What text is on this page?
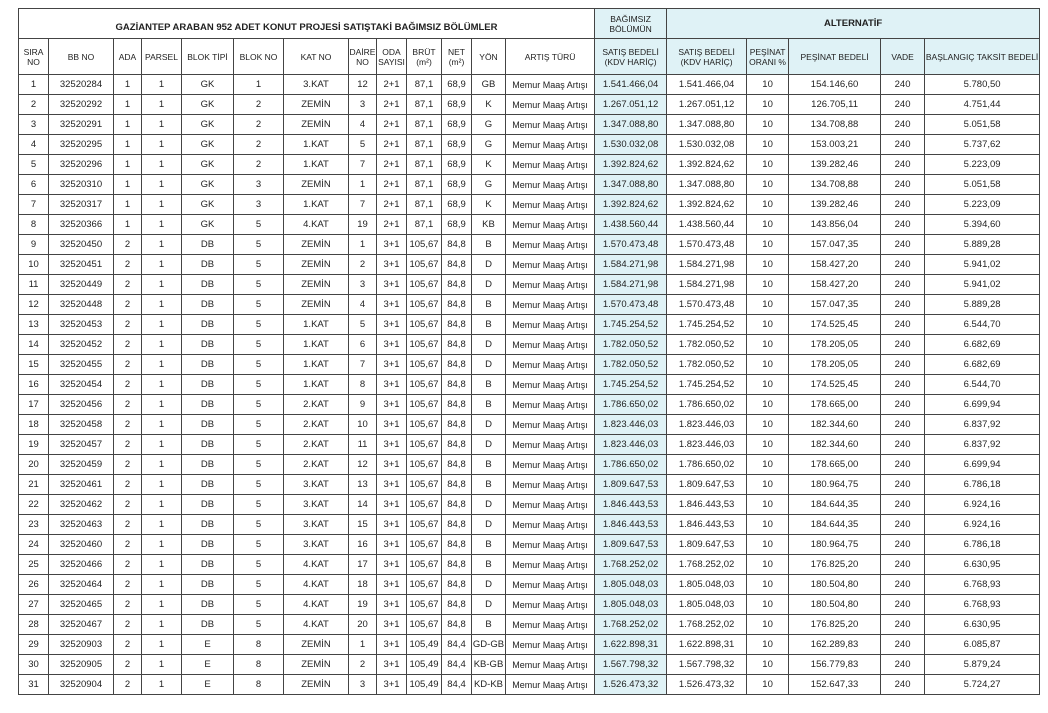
GAZİANTEP ARABAN 952 ADET KONUT PROJESİ SATIŞTAKİ BAĞIMSIZ BÖLÜMLER													BAĞIMSIZ BÖLÜMÜN	ALTERNATİF				
SIRA NO	BB NO	ADA	PARSEL	BLOK TİPİ	BLOK NO	KAT NO	DAİRE NO	ODA SAYISI	BRÜT (m²)	NET (m²)	YÖN	ARTIŞ TÜRÜ	SATIŞ BEDELİ (KDV HARİÇ)	SATIŞ BEDELİ (KDV HARİÇ)	PEŞİNAT ORANI %	PEŞİNAT BEDELİ	VADE	BAŞLANGIÇ TAKSİT BEDELİ
1	32520284	1	1	GK	1	3.KAT	12	2+1	87,1	68,9	GB	Memur Maaş Artışı	1.541.466,04	1.541.466,04	10	154.146,60	240	5.780,50
2	32520292	1	1	GK	2	ZEMİN	3	2+1	87,1	68,9	K	Memur Maaş Artışı	1.267.051,12	1.267.051,12	10	126.705,11	240	4.751,44
3	32520291	1	1	GK	2	ZEMİN	4	2+1	87,1	68,9	G	Memur Maaş Artışı	1.347.088,80	1.347.088,80	10	134.708,88	240	5.051,58
4	32520295	1	1	GK	2	1.KAT	5	2+1	87,1	68,9	G	Memur Maaş Artışı	1.530.032,08	1.530.032,08	10	153.003,21	240	5.737,62
5	32520296	1	1	GK	2	1.KAT	7	2+1	87,1	68,9	K	Memur Maaş Artışı	1.392.824,62	1.392.824,62	10	139.282,46	240	5.223,09
6	32520310	1	1	GK	3	ZEMİN	1	2+1	87,1	68,9	G	Memur Maaş Artışı	1.347.088,80	1.347.088,80	10	134.708,88	240	5.051,58
7	32520317	1	1	GK	3	1.KAT	7	2+1	87,1	68,9	K	Memur Maaş Artışı	1.392.824,62	1.392.824,62	10	139.282,46	240	5.223,09
8	32520366	1	1	GK	5	4.KAT	19	2+1	87,1	68,9	KB	Memur Maaş Artışı	1.438.560,44	1.438.560,44	10	143.856,04	240	5.394,60
9	32520450	2	1	DB	5	ZEMİN	1	3+1	105,67	84,8	B	Memur Maaş Artışı	1.570.473,48	1.570.473,48	10	157.047,35	240	5.889,28
10	32520451	2	1	DB	5	ZEMİN	2	3+1	105,67	84,8	D	Memur Maaş Artışı	1.584.271,98	1.584.271,98	10	158.427,20	240	5.941,02
11	32520449	2	1	DB	5	ZEMİN	3	3+1	105,67	84,8	D	Memur Maaş Artışı	1.584.271,98	1.584.271,98	10	158.427,20	240	5.941,02
12	32520448	2	1	DB	5	ZEMİN	4	3+1	105,67	84,8	B	Memur Maaş Artışı	1.570.473,48	1.570.473,48	10	157.047,35	240	5.889,28
13	32520453	2	1	DB	5	1.KAT	5	3+1	105,67	84,8	B	Memur Maaş Artışı	1.745.254,52	1.745.254,52	10	174.525,45	240	6.544,70
14	32520452	2	1	DB	5	1.KAT	6	3+1	105,67	84,8	D	Memur Maaş Artışı	1.782.050,52	1.782.050,52	10	178.205,05	240	6.682,69
15	32520455	2	1	DB	5	1.KAT	7	3+1	105,67	84,8	D	Memur Maaş Artışı	1.782.050,52	1.782.050,52	10	178.205,05	240	6.682,69
16	32520454	2	1	DB	5	1.KAT	8	3+1	105,67	84,8	B	Memur Maaş Artışı	1.745.254,52	1.745.254,52	10	174.525,45	240	6.544,70
17	32520456	2	1	DB	5	2.KAT	9	3+1	105,67	84,8	B	Memur Maaş Artışı	1.786.650,02	1.786.650,02	10	178.665,00	240	6.699,94
18	32520458	2	1	DB	5	2.KAT	10	3+1	105,67	84,8	D	Memur Maaş Artışı	1.823.446,03	1.823.446,03	10	182.344,60	240	6.837,92
19	32520457	2	1	DB	5	2.KAT	11	3+1	105,67	84,8	D	Memur Maaş Artışı	1.823.446,03	1.823.446,03	10	182.344,60	240	6.837,92
20	32520459	2	1	DB	5	2.KAT	12	3+1	105,67	84,8	B	Memur Maaş Artışı	1.786.650,02	1.786.650,02	10	178.665,00	240	6.699,94
21	32520461	2	1	DB	5	3.KAT	13	3+1	105,67	84,8	B	Memur Maaş Artışı	1.809.647,53	1.809.647,53	10	180.964,75	240	6.786,18
22	32520462	2	1	DB	5	3.KAT	14	3+1	105,67	84,8	D	Memur Maaş Artışı	1.846.443,53	1.846.443,53	10	184.644,35	240	6.924,16
23	32520463	2	1	DB	5	3.KAT	15	3+1	105,67	84,8	D	Memur Maaş Artışı	1.846.443,53	1.846.443,53	10	184.644,35	240	6.924,16
24	32520460	2	1	DB	5	3.KAT	16	3+1	105,67	84,8	B	Memur Maaş Artışı	1.809.647,53	1.809.647,53	10	180.964,75	240	6.786,18
25	32520466	2	1	DB	5	4.KAT	17	3+1	105,67	84,8	B	Memur Maaş Artışı	1.768.252,02	1.768.252,02	10	176.825,20	240	6.630,95
26	32520464	2	1	DB	5	4.KAT	18	3+1	105,67	84,8	D	Memur Maaş Artışı	1.805.048,03	1.805.048,03	10	180.504,80	240	6.768,93
27	32520465	2	1	DB	5	4.KAT	19	3+1	105,67	84,8	D	Memur Maaş Artışı	1.805.048,03	1.805.048,03	10	180.504,80	240	6.768,93
28	32520467	2	1	DB	5	4.KAT	20	3+1	105,67	84,8	B	Memur Maaş Artışı	1.768.252,02	1.768.252,02	10	176.825,20	240	6.630,95
29	32520903	2	1	E	8	ZEMİN	1	3+1	105,49	84,4	GD-GB	Memur Maaş Artışı	1.622.898,31	1.622.898,31	10	162.289,83	240	6.085,87
30	32520905	2	1	E	8	ZEMİN	2	3+1	105,49	84,4	KB-GB	Memur Maaş Artışı	1.567.798,32	1.567.798,32	10	156.779,83	240	5.879,24
31	32520904	2	1	E	8	ZEMİN	3	3+1	105,49	84,4	KD-KB	Memur Maaş Artışı	1.526.473,32	1.526.473,32	10	152.647,33	240	5.724,27
